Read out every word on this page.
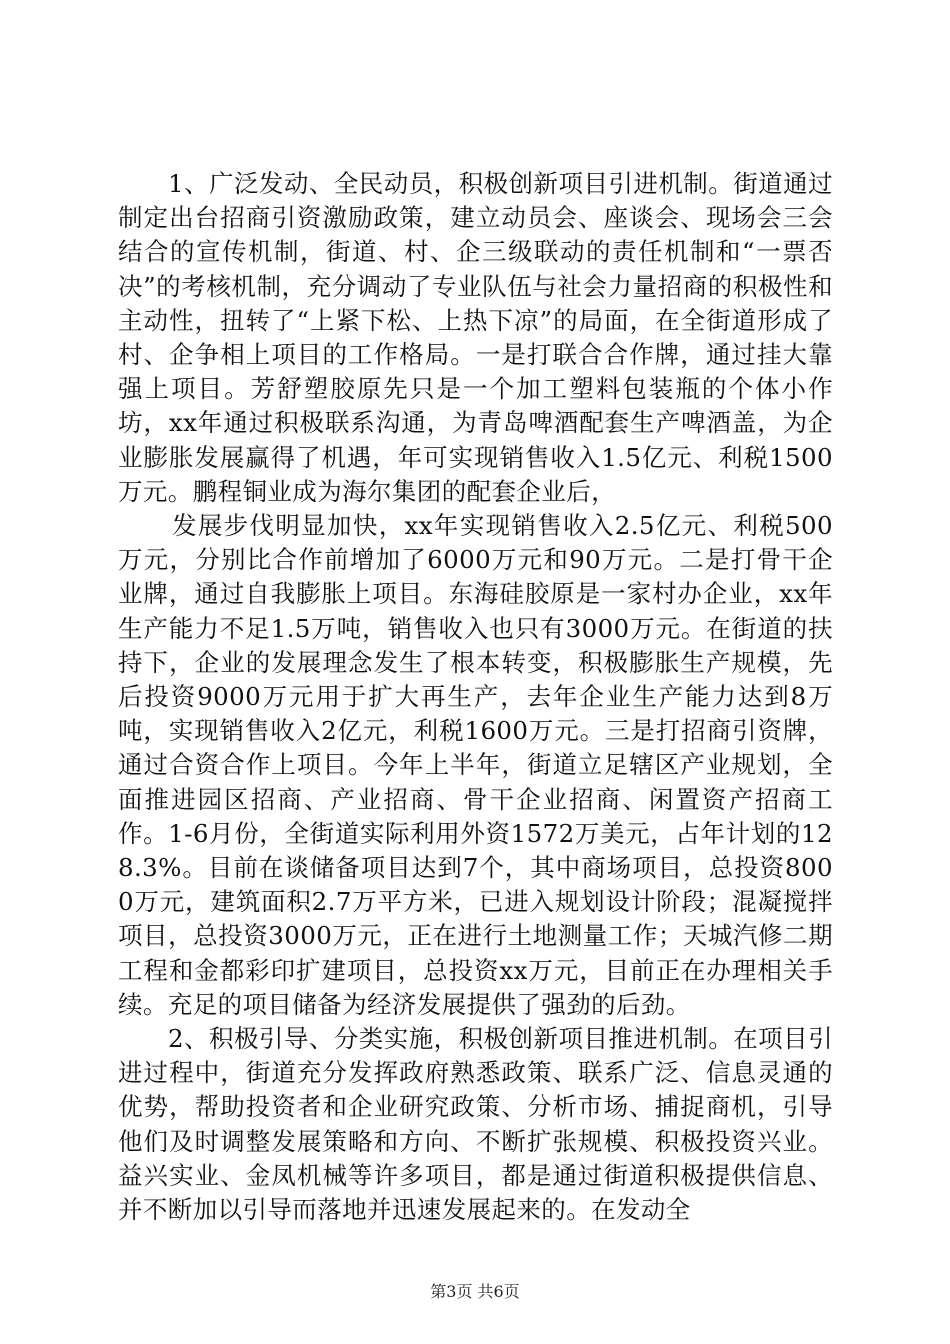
1、广泛发动、全民动员，积极创新项目引进机制。街道通过制定出台招商引资激励政策，建立动员会、座谈会、现场会三会结合的宣传机制，街道、村、企三级联动的责任机制和“一票否决”的考核机制，充分调动了专业队伍与社会力量招商的积极性和主动性，扭转了“上紧下松、上热下凉”的局面，在全街道形成了村、企争相上项目的工作格局。一是打联合合作牌，通过挂大靠强上项目。芳舒塑胶原先只是一个加工塑料包装瓶的个体小作坊，xx年通过积极联系沟通，为青岛啤酒配套生产啤酒盖，为企业膨胀发展赢得了机遇，年可实现销售收入1.5亿元、利税1500万元。鹏程铜业成为海尔集团的配套企业后，

发展步伐明显加快，xx年实现销售收入2.5亿元、利税500万元，分别比合作前增加了6000万元和90万元。二是打骨干企业牌，通过自我膨胀上项目。东海硅胶原是一家村办企业，xx年生产能力不足1.5万吨，销售收入也只有3000万元。在街道的扶持下，企业的发展理念发生了根本转变，积极膨胀生产规模，先后投资9000万元用于扩大再生产，去年企业生产能力达到8万吨，实现销售收入2亿元，利税1600万元。三是打招商引资牌，通过合资合作上项目。今年上半年，街道立足辖区产业规划，全面推进园区招商、产业招商、骨干企业招商、闲置资产招商工作。1-6月份，全街道实际利用外资1572万美元，占年计划的128.3%。目前在谈储备项目达到7个，其中商场项目，总投资8000万元，建筑面积2.7万平方米，已进入规划设计阶段；混凝搅拌项目，总投资3000万元，正在进行土地测量工作；天城汽修二期工程和金都彩印扩建项目，总投资xx万元，目前正在办理相关手续。充足的项目储备为经济发展提供了强劲的后劲。

2、积极引导、分类实施，积极创新项目推进机制。在项目引进过程中，街道充分发挥政府熟悉政策、联系广泛、信息灵通的优势，帮助投资者和企业研究政策、分析市场、捕捉商机，引导他们及时调整发展策略和方向、不断扩张规模、积极投资兴业。益兴实业、金凤机械等许多项目，都是通过街道积极提供信息、并不断加以引导而落地并迅速发展起来的。在发动全

第3页 共6页
